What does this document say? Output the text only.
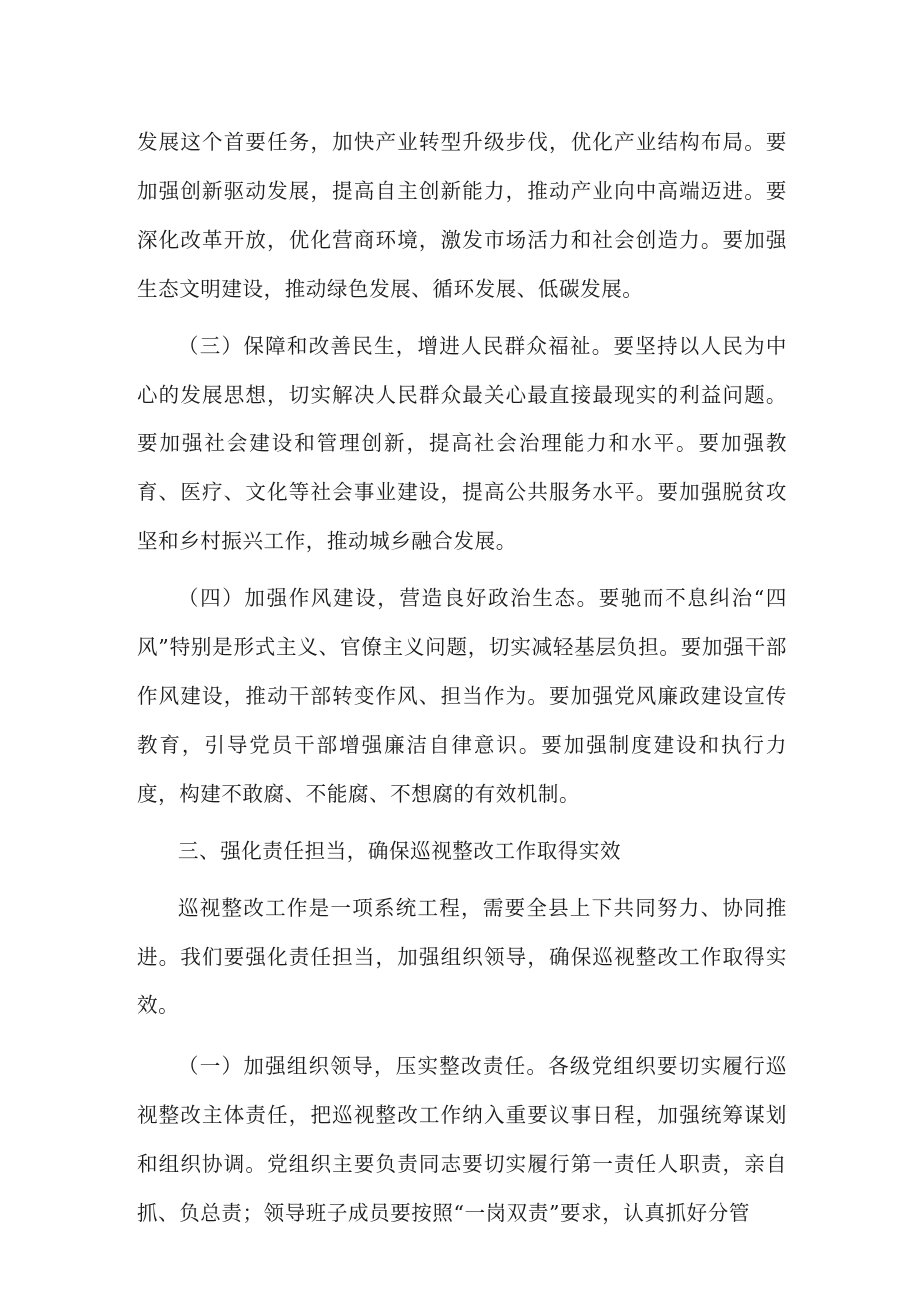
发展这个首要任务，加快产业转型升级步伐，优化产业结构布局。要加强创新驱动发展，提高自主创新能力，推动产业向中高端迈进。要深化改革开放，优化营商环境，激发市场活力和社会创造力。要加强生态文明建设，推动绿色发展、循环发展、低碳发展。

（三）保障和改善民生，增进人民群众福祉。要坚持以人民为中心的发展思想，切实解决人民群众最关心最直接最现实的利益问题。要加强社会建设和管理创新，提高社会治理能力和水平。要加强教育、医疗、文化等社会事业建设，提高公共服务水平。要加强脱贫攻坚和乡村振兴工作，推动城乡融合发展。

（四）加强作风建设，营造良好政治生态。要驰而不息纠治“四风”特别是形式主义、官僚主义问题，切实减轻基层负担。要加强干部作风建设，推动干部转变作风、担当作为。要加强党风廉政建设宣传教育，引导党员干部增强廉洁自律意识。要加强制度建设和执行力度，构建不敢腐、不能腐、不想腐的有效机制。

三、强化责任担当，确保巡视整改工作取得实效

巡视整改工作是一项系统工程，需要全县上下共同努力、协同推进。我们要强化责任担当，加强组织领导，确保巡视整改工作取得实效。

（一）加强组织领导，压实整改责任。各级党组织要切实履行巡视整改主体责任，把巡视整改工作纳入重要议事日程，加强统筹谋划和组织协调。党组织主要负责同志要切实履行第一责任人职责，亲自抓、负总责；领导班子成员要按照“一岗双责”要求，认真抓好分管
